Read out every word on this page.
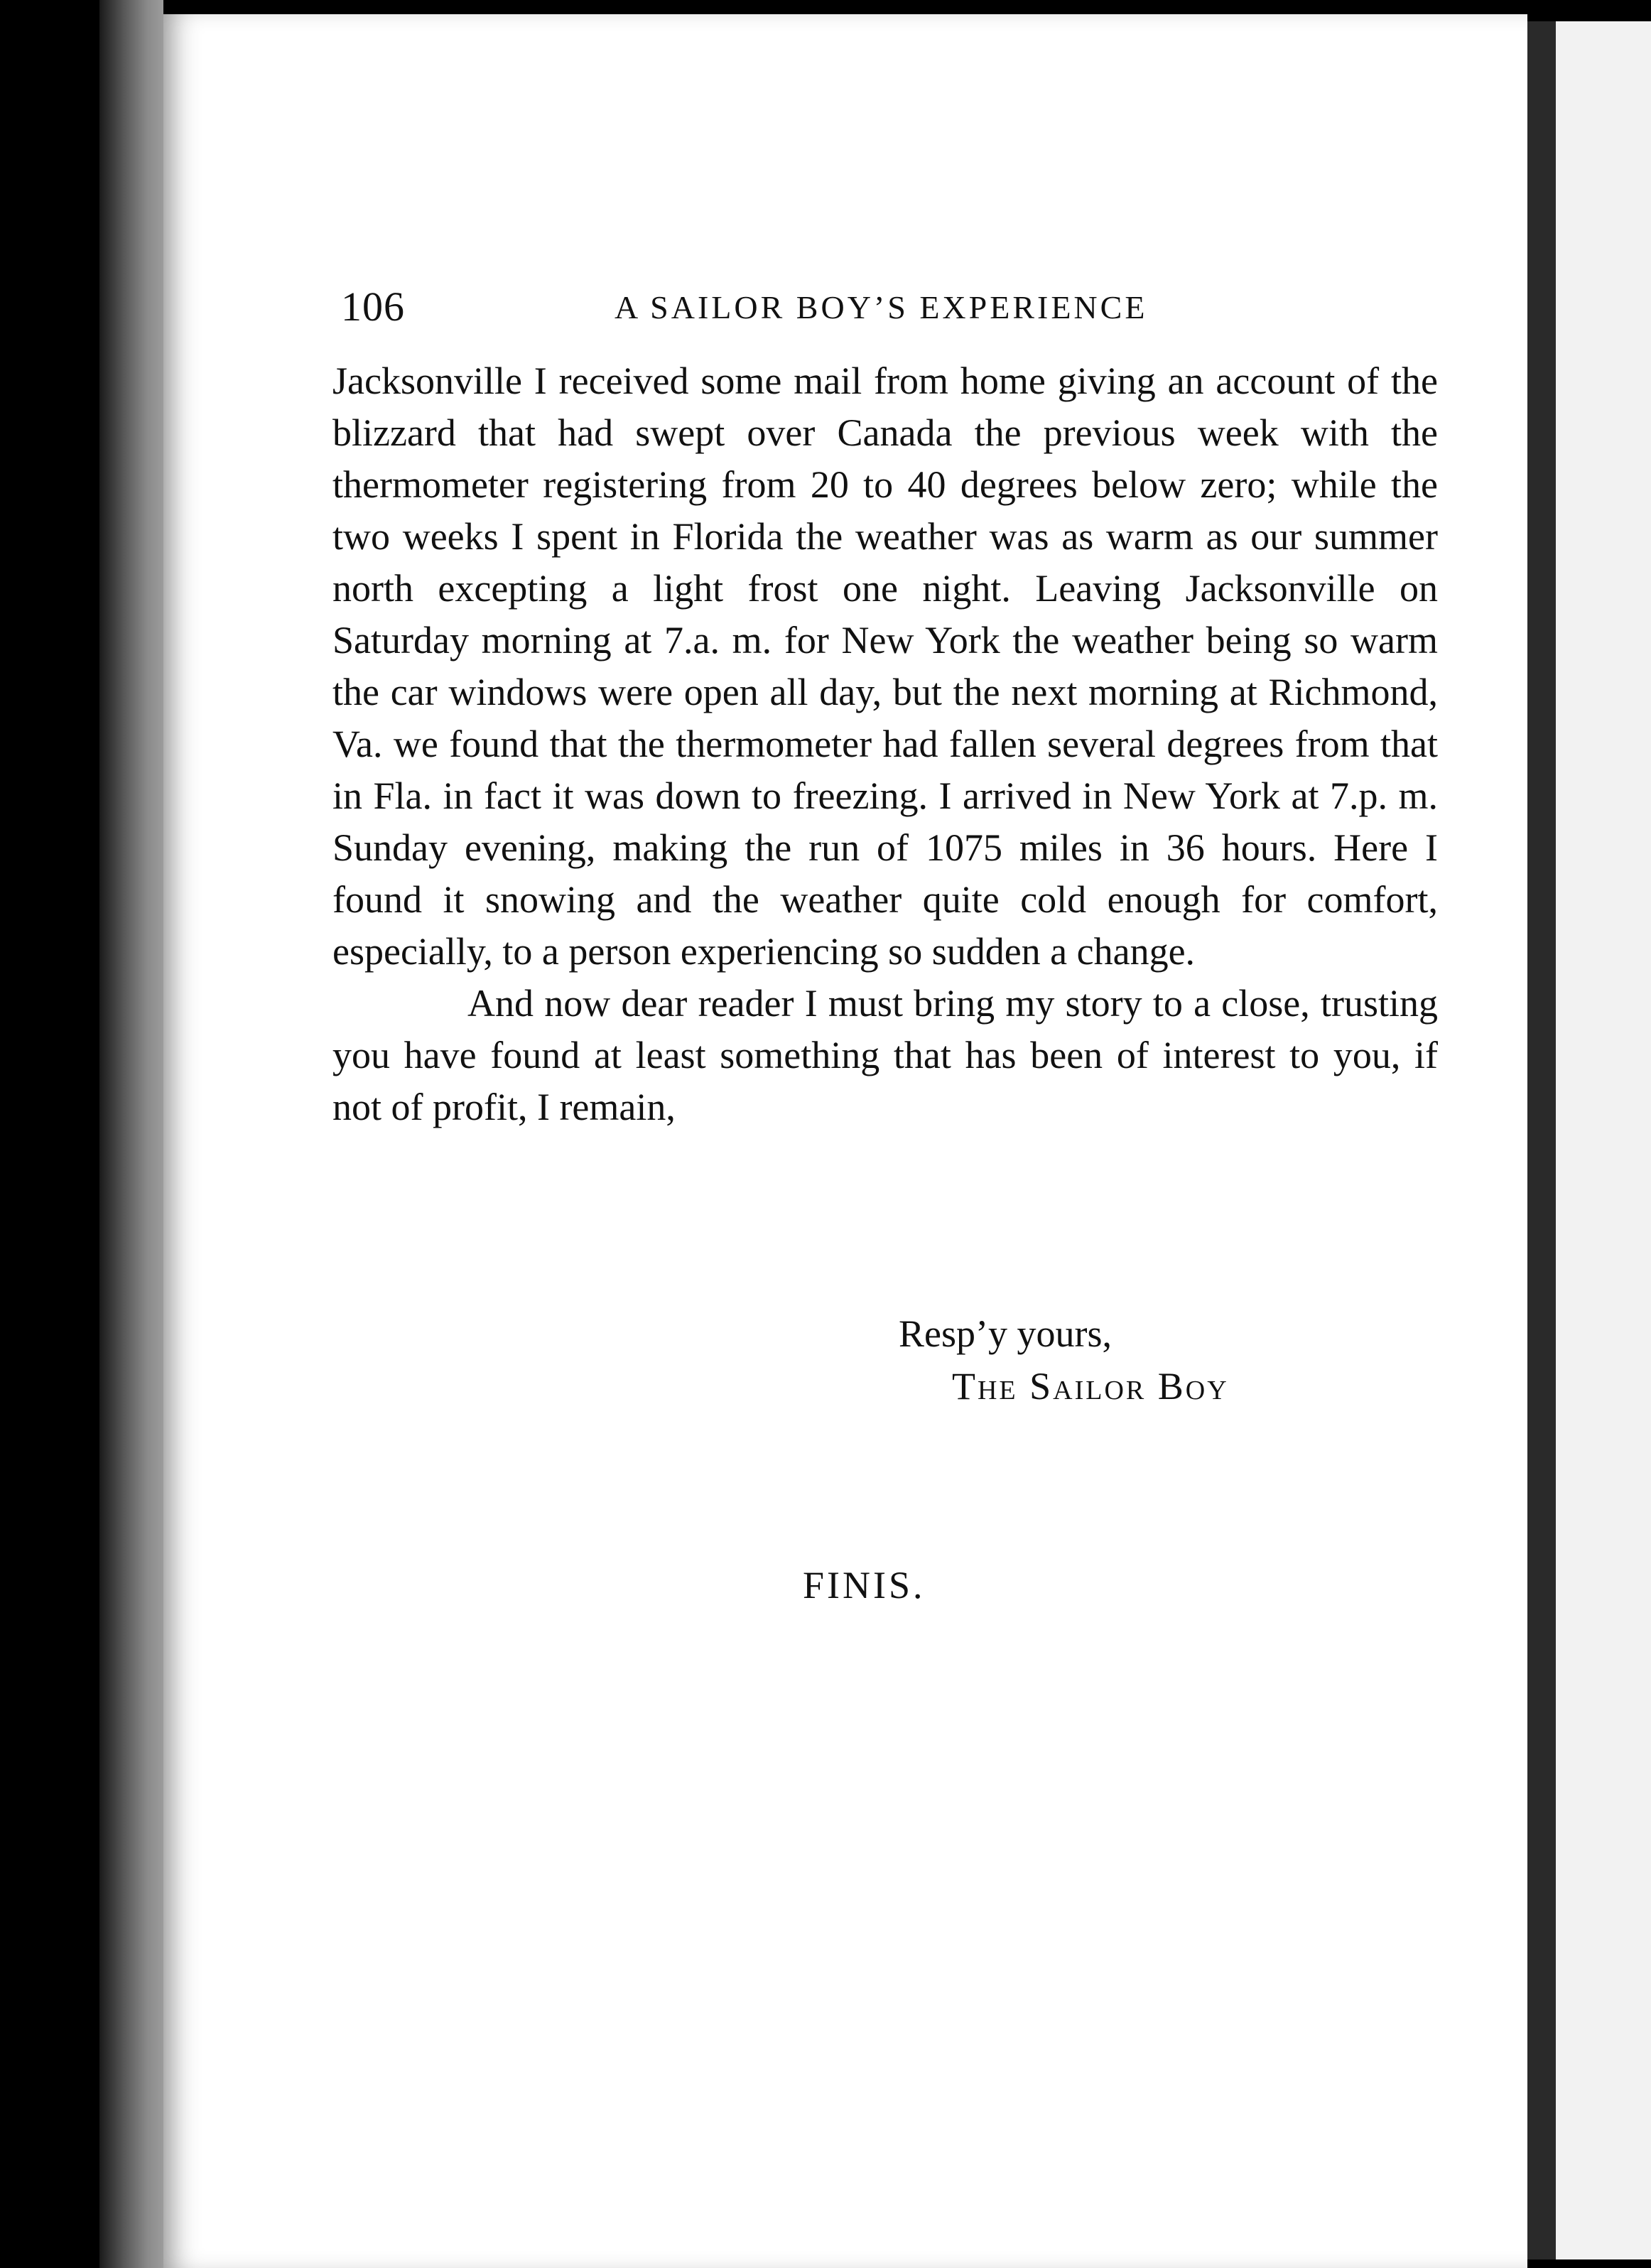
106	A SAILOR BOY’S EXPERIENCE

Jacksonville I received some mail from home giving an account of the blizzard that had swept over Canada the previous week with the thermometer registering from 20 to 40 degrees below zero; while the two weeks I spent in Florida the weather was as warm as our summer north excepting a light frost one night. Leaving Jacksonville on Saturday morning at 7.a. m. for New York the weather being so warm the car windows were open all day, but the next morning at Richmond, Va. we found that the thermometer had fallen several degrees from that in Fla. in fact it was down to freezing. I arrived in New York at 7.p. m. Sunday evening, making the run of 1075 miles in 36 hours. Here I found it snowing and the weather quite cold enough for comfort, especially, to a person experiencing so sudden a change.

And now dear reader I must bring my story to a close, trusting you have found at least something that has been of interest to you, if not of profit, I remain,

Resp’y yours,
The Sailor Boy
FINIS.
